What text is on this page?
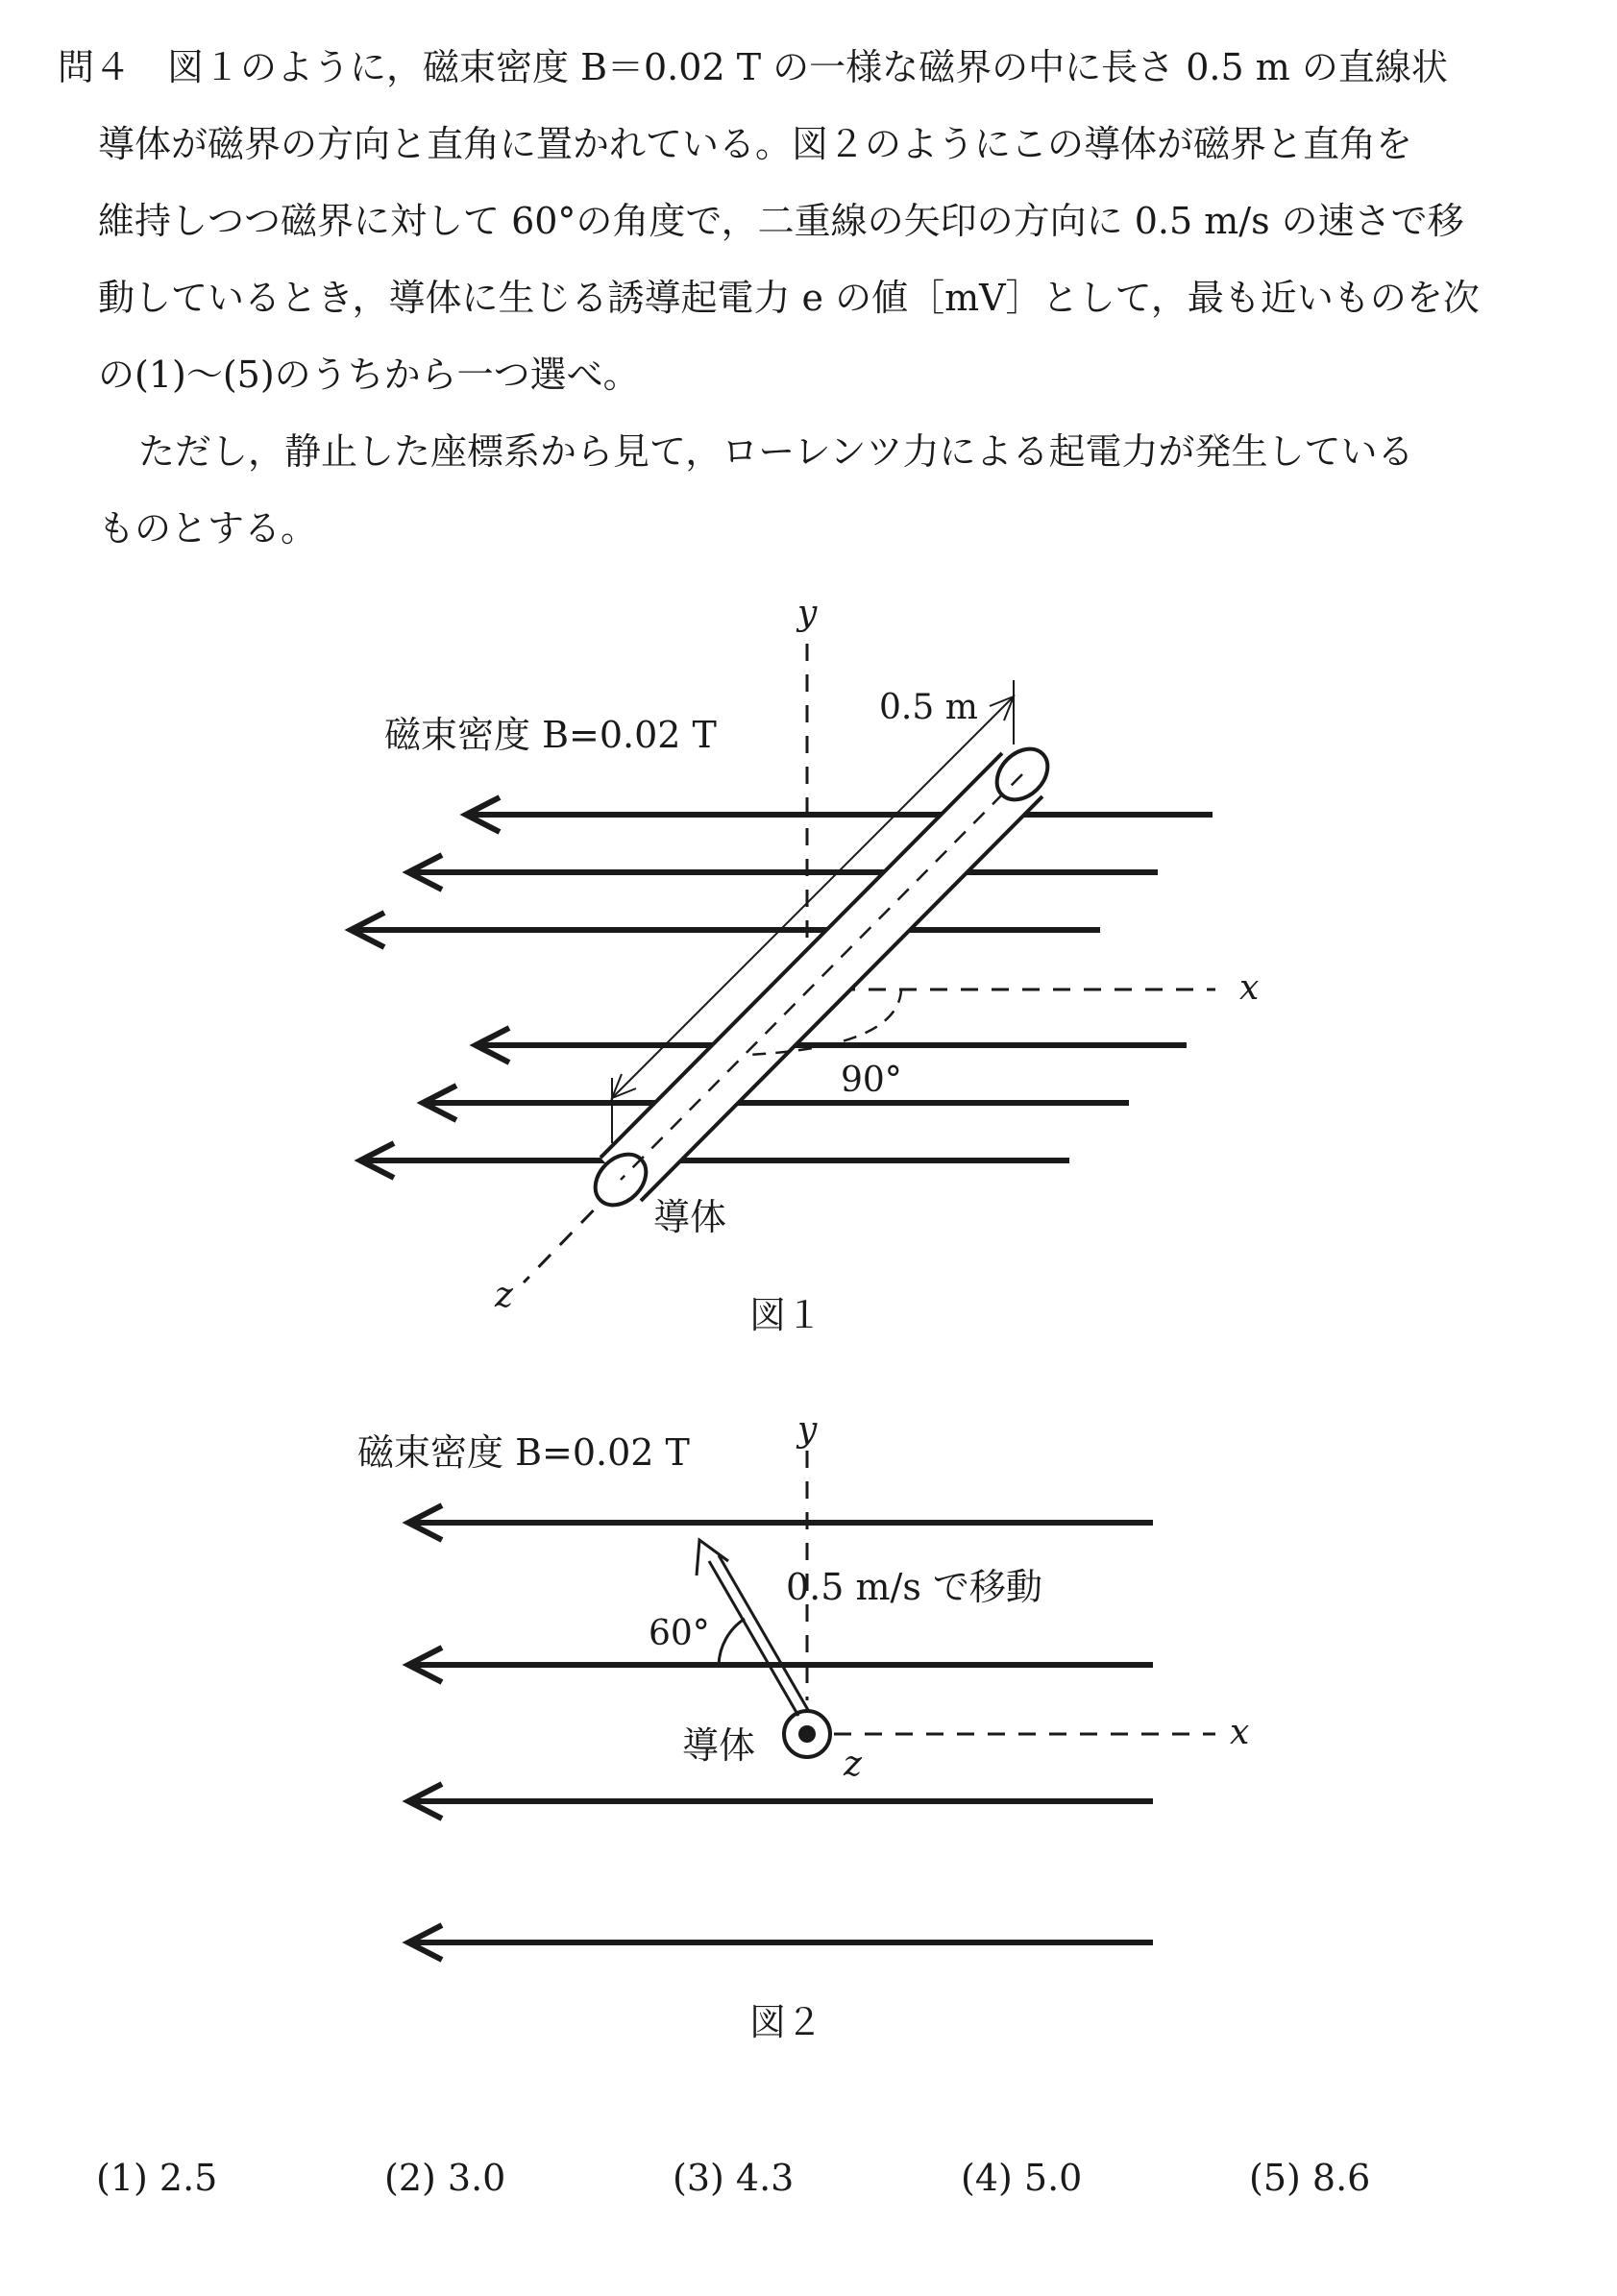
問４　図１のように，磁束密度 B＝0.02 T の一様な磁界の中に長さ 0.5 m の直線状
導体が磁界の方向と直角に置かれている。図２のようにこの導体が磁界と直角を
維持しつつ磁界に対して 60°の角度で，二重線の矢印の方向に 0.5 m/s の速さで移
動しているとき，導体に生じる誘導起電力 e の値［mV］として，最も近いものを次
の(1)～(5)のうちから一つ選べ。
ただし，静止した座標系から見て，ローレンツ力による起電力が発生している
ものとする。
y
x
z
0.5 m
90°
磁束密度 B=0.02 T
導体
図１
y
x
z
0.5 m/s で移動
60°
磁束密度 B=0.02 T
導体
図２
(1) 2.5	(2) 3.0	(3) 4.3	(4) 5.0	(5) 8.6
